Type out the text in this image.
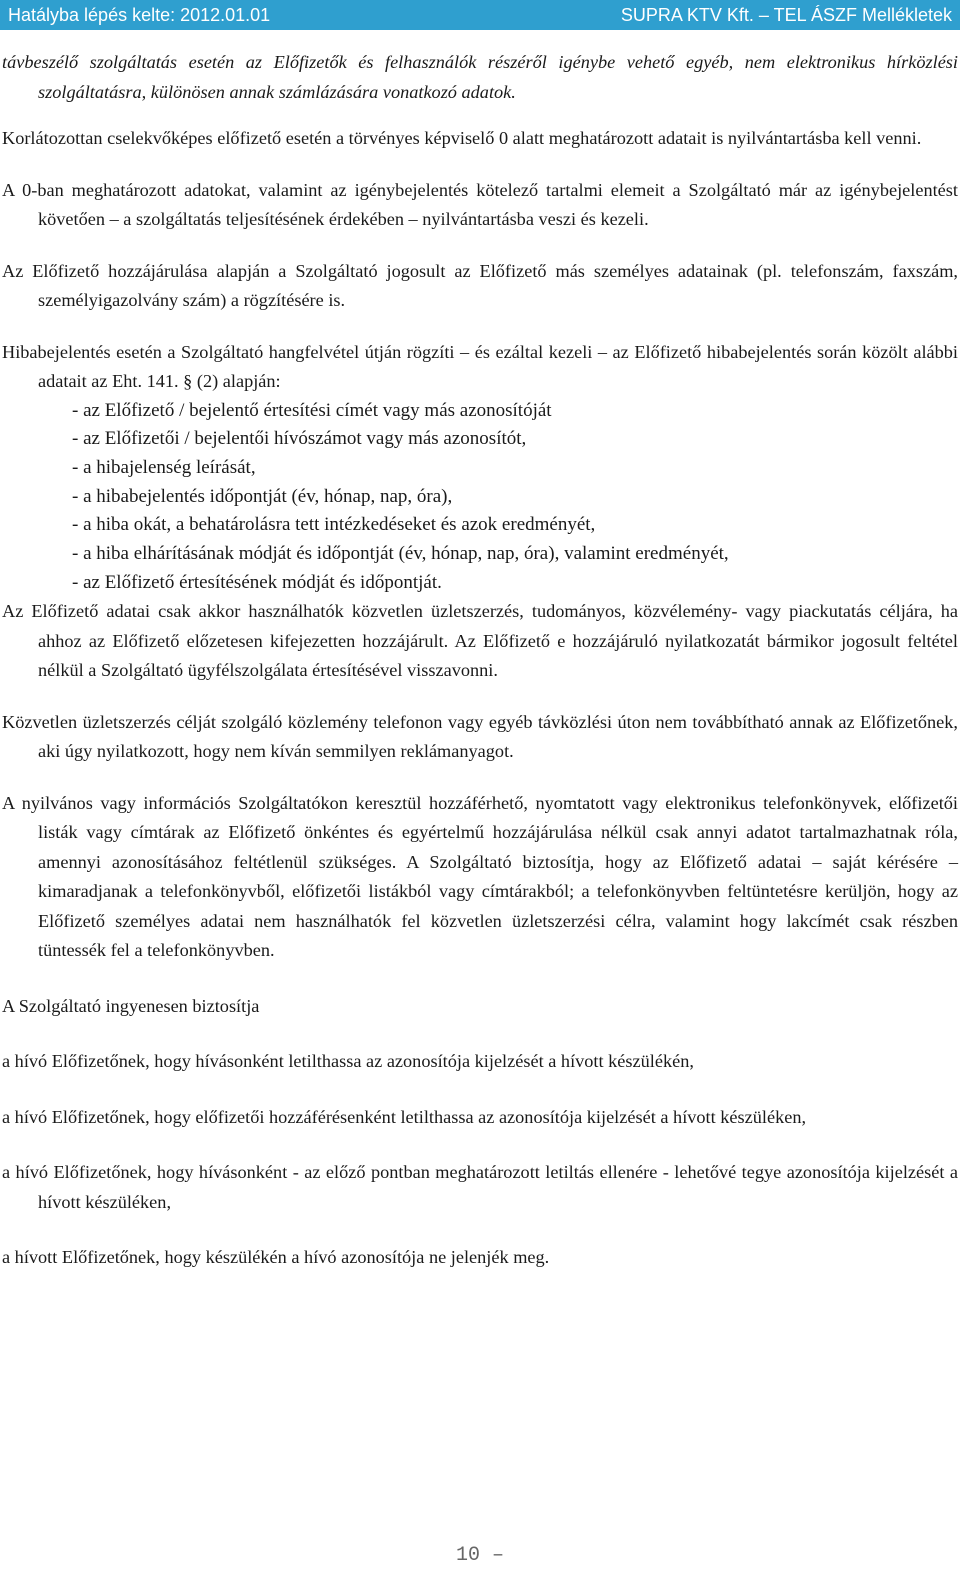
Hatályba lépés kelte: 2012.01.01	SUPRA KTV Kft. – TEL ÁSZF Mellékletek

távbeszélő szolgáltatás esetén az Előfizetők és felhasználók részéről igénybe vehető egyéb, nem elektronikus hírközlési szolgáltatásra, különösen annak számlázására vonatkozó adatok.

Korlátozottan cselekvőképes előfizető esetén a törvényes képviselő 0 alatt meghatározott adatait is nyilvántartásba kell venni.

A 0-ban meghatározott adatokat, valamint az igénybejelentés kötelező tartalmi elemeit a Szolgáltató már az igénybejelentést követően – a szolgáltatás teljesítésének érdekében – nyilvántartásba veszi és kezeli.

Az Előfizető hozzájárulása alapján a Szolgáltató jogosult az Előfizető más személyes adatainak (pl. telefonszám, faxszám, személyigazolvány szám) a rögzítésére is.

Hibabejelentés esetén a Szolgáltató hangfelvétel útján rögzíti – és ezáltal kezeli – az Előfizető hibabejelentés során közölt alábbi adatait az Eht. 141. § (2) alapján:

- az Előfizető / bejelentő értesítési címét vagy más azonosítóját
- az Előfizetői / bejelentői hívószámot vagy más azonosítót,
- a hibajelenség leírását,
- a hibabejelentés időpontját (év, hónap, nap, óra),
- a hiba okát, a behatárolásra tett intézkedéseket és azok eredményét,
- a hiba elhárításának módját és időpontját (év, hónap, nap, óra), valamint eredményét,
- az Előfizető értesítésének módját és időpontját.

Az Előfizető adatai csak akkor használhatók közvetlen üzletszerzés, tudományos, közvélemény- vagy piackutatás céljára, ha ahhoz az Előfizető előzetesen kifejezetten hozzájárult. Az Előfizető e hozzájáruló nyilatkozatát bármikor jogosult feltétel nélkül a Szolgáltató ügyfélszolgálata értesítésével visszavonni.

Közvetlen üzletszerzés célját szolgáló közlemény telefonon vagy egyéb távközlési úton nem továbbítható annak az Előfizetőnek, aki úgy nyilatkozott, hogy nem kíván semmilyen reklámanyagot.

A nyilvános vagy információs Szolgáltatókon keresztül hozzáférhető, nyomtatott vagy elektronikus telefonkönyvek, előfizetői listák vagy címtárak az Előfizető önkéntes és egyértelmű hozzájárulása nélkül csak annyi adatot tartalmazhatnak róla, amennyi azonosításához feltétlenül szükséges. A Szolgáltató biztosítja, hogy az Előfizető adatai – saját kérésére – kimaradjanak a telefonkönyvből, előfizetői listákból vagy címtárakból; a telefonkönyvben feltüntetésre kerüljön, hogy az Előfizető személyes adatai nem használhatók fel közvetlen üzletszerzési célra, valamint hogy lakcímét csak részben tüntessék fel a telefonkönyvben.

A Szolgáltató ingyenesen biztosítja

a hívó Előfizetőnek, hogy hívásonként letilthassa az azonosítója kijelzését a hívott készülékén,

a hívó Előfizetőnek, hogy előfizetői hozzáférésenként letilthassa az azonosítója kijelzését a hívott készüléken,

a hívó Előfizetőnek, hogy hívásonként - az előző pontban meghatározott letiltás ellenére - lehetővé tegye azonosítója kijelzését a hívott készüléken,

a hívott Előfizetőnek, hogy készülékén a hívó azonosítója ne jelenjék meg.

10 –
